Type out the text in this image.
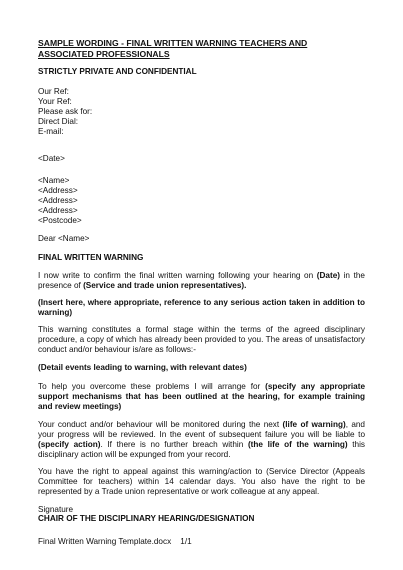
SAMPLE WORDING - FINAL WRITTEN WARNING TEACHERS AND ASSOCIATED PROFESSIONALS

STRICTLY PRIVATE AND CONFIDENTIAL

Our Ref:
Your Ref:
Please ask for:
Direct Dial:
E-mail:

<Date>

<Name>
<Address>
<Address>
<Address>
<Postcode>

Dear <Name>

FINAL WRITTEN WARNING

I now write to confirm the final written warning following your hearing on (Date) in the presence of (Service and trade union representatives).

(Insert here, where appropriate, reference to any serious action taken in addition to warning)

This warning constitutes a formal stage within the terms of the agreed disciplinary procedure, a copy of which has already been provided to you. The areas of unsatisfactory conduct and/or behaviour is/are as follows:-

(Detail events leading to warning, with relevant dates)

To help you overcome these problems I will arrange for (specify any appropriate support mechanisms that has been outlined at the hearing, for example training and review meetings)

Your conduct and/or behaviour will be monitored during the next (life of warning), and your progress will be reviewed. In the event of subsequent failure you will be liable to (specify action). If there is no further breach within (the life of the warning) this disciplinary action will be expunged from your record.

You have the right to appeal against this warning/action to (Service Director (Appeals Committee for teachers) within 14 calendar days. You also have the right to be represented by a Trade union representative or work colleague at any appeal.

Signature

CHAIR OF THE DISCIPLINARY HEARING/DESIGNATION

Final Written Warning Template.docx 1/1
